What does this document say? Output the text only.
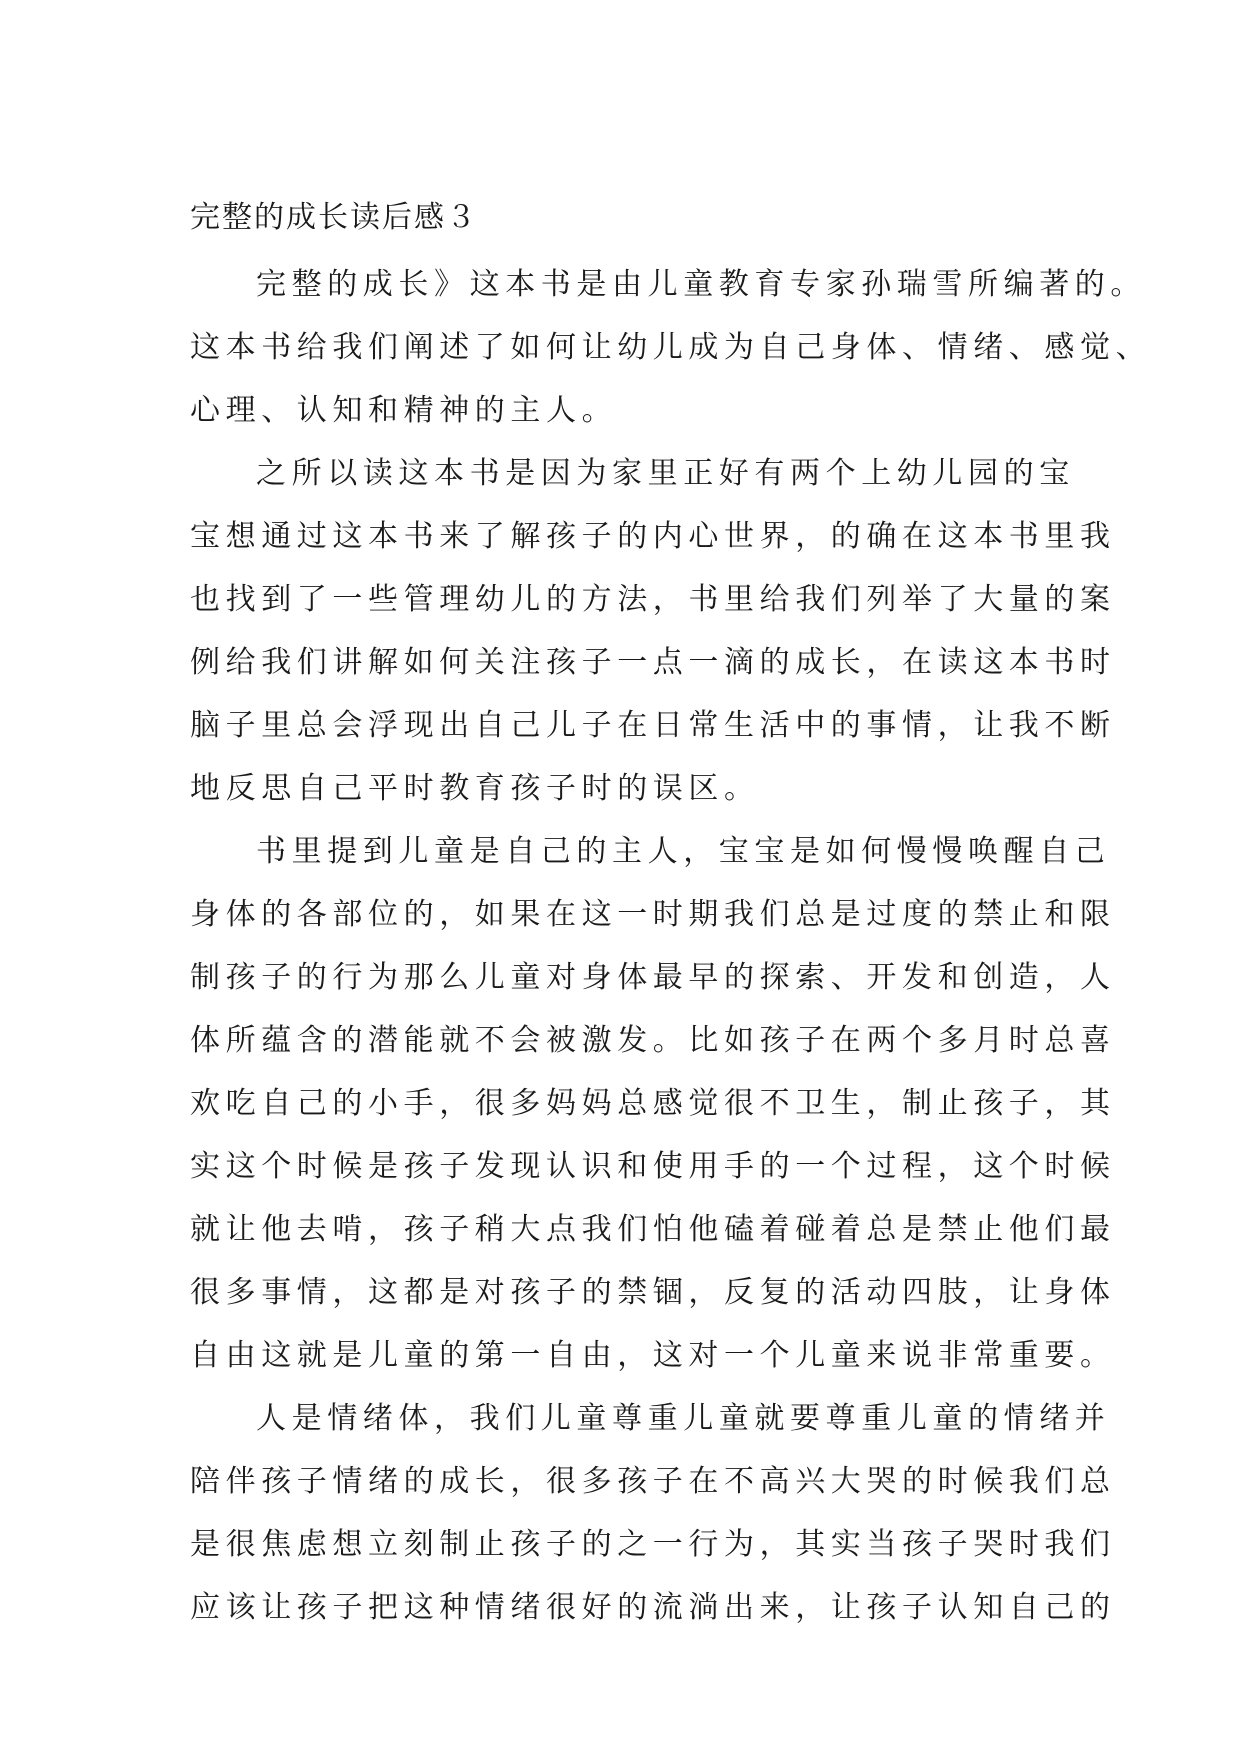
完整的成长读后感３
完整的成长》这本书是由儿童教育专家孙瑞雪所编著的。
这本书给我们阐述了如何让幼儿成为自己身体、情绪、感觉、
心理、认知和精神的主人。
之所以读这本书是因为家里正好有两个上幼儿园的宝
宝想通过这本书来了解孩子的内心世界，的确在这本书里我
也找到了一些管理幼儿的方法，书里给我们列举了大量的案
例给我们讲解如何关注孩子一点一滴的成长，在读这本书时
脑子里总会浮现出自己儿子在日常生活中的事情，让我不断
地反思自己平时教育孩子时的误区。
书里提到儿童是自己的主人，宝宝是如何慢慢唤醒自己
身体的各部位的，如果在这一时期我们总是过度的禁止和限
制孩子的行为那么儿童对身体最早的探索、开发和创造，人
体所蕴含的潜能就不会被激发。比如孩子在两个多月时总喜
欢吃自己的小手，很多妈妈总感觉很不卫生，制止孩子，其
实这个时候是孩子发现认识和使用手的一个过程，这个时候
就让他去啃，孩子稍大点我们怕他磕着碰着总是禁止他们最
很多事情，这都是对孩子的禁锢，反复的活动四肢，让身体
自由这就是儿童的第一自由，这对一个儿童来说非常重要。
人是情绪体，我们儿童尊重儿童就要尊重儿童的情绪并
陪伴孩子情绪的成长，很多孩子在不高兴大哭的时候我们总
是很焦虑想立刻制止孩子的之一行为，其实当孩子哭时我们
应该让孩子把这种情绪很好的流淌出来，让孩子认知自己的
